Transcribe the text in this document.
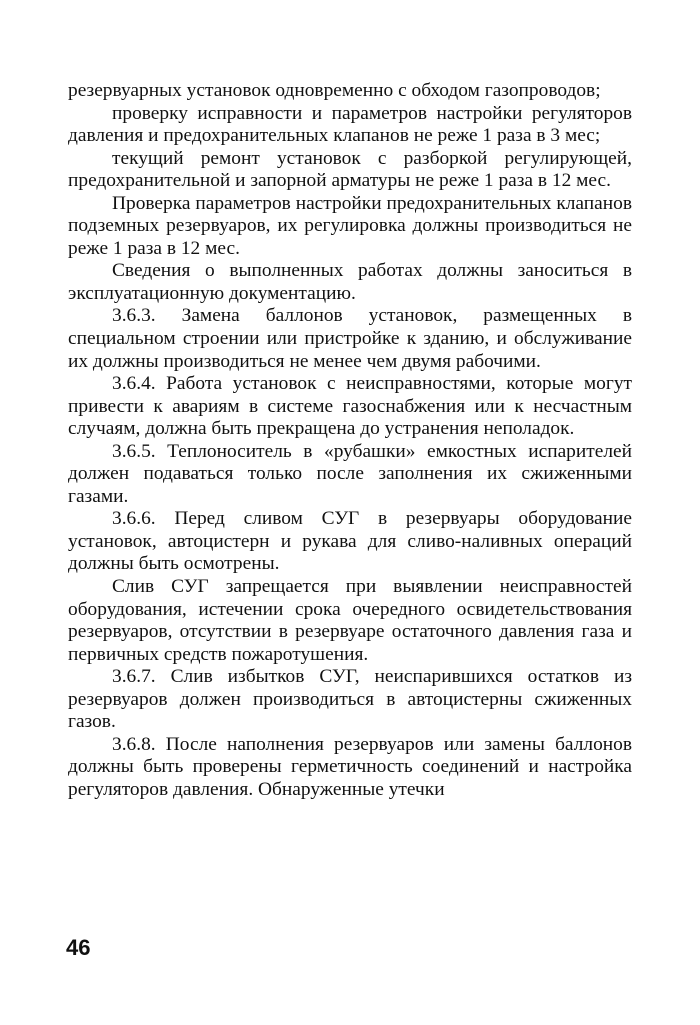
резервуарных установок одновременно с обходом газопроводов;

проверку исправности и параметров настройки регуляторов давления и предохранительных клапанов не реже 1 раза в 3 мес;

текущий ремонт установок с разборкой регулирующей, предохранительной и запорной арматуры не реже 1 раза в 12 мес.

Проверка параметров настройки предохранительных клапанов подземных резервуаров, их регулировка должны производиться не реже 1 раза в 12 мес.

Сведения о выполненных работах должны заноситься в эксплуатационную документацию.

3.6.3. Замена баллонов установок, размещенных в специальном строении или пристройке к зданию, и обслуживание их должны производиться не менее чем двумя рабочими.

3.6.4. Работа установок с неисправностями, которые могут привести к авариям в системе газоснабжения или к несчастным случаям, должна быть прекращена до устранения неполадок.

3.6.5. Теплоноситель в «рубашки» емкостных испарителей должен подаваться только после заполнения их сжиженными газами.

3.6.6. Перед сливом СУГ в резервуары оборудование установок, автоцистерн и рукава для сливо-наливных операций должны быть осмотрены.

Слив СУГ запрещается при выявлении неисправностей оборудования, истечении срока очередного освидетельствования резервуаров, отсутствии в резервуаре остаточного давления газа и первичных средств пожаротушения.

3.6.7. Слив избытков СУГ, неиспарившихся остатков из резервуаров должен производиться в автоцистерны сжиженных газов.

3.6.8. После наполнения резервуаров или замены баллонов должны быть проверены герметичность соединений и настройка регуляторов давления. Обнаруженные утечки

46
